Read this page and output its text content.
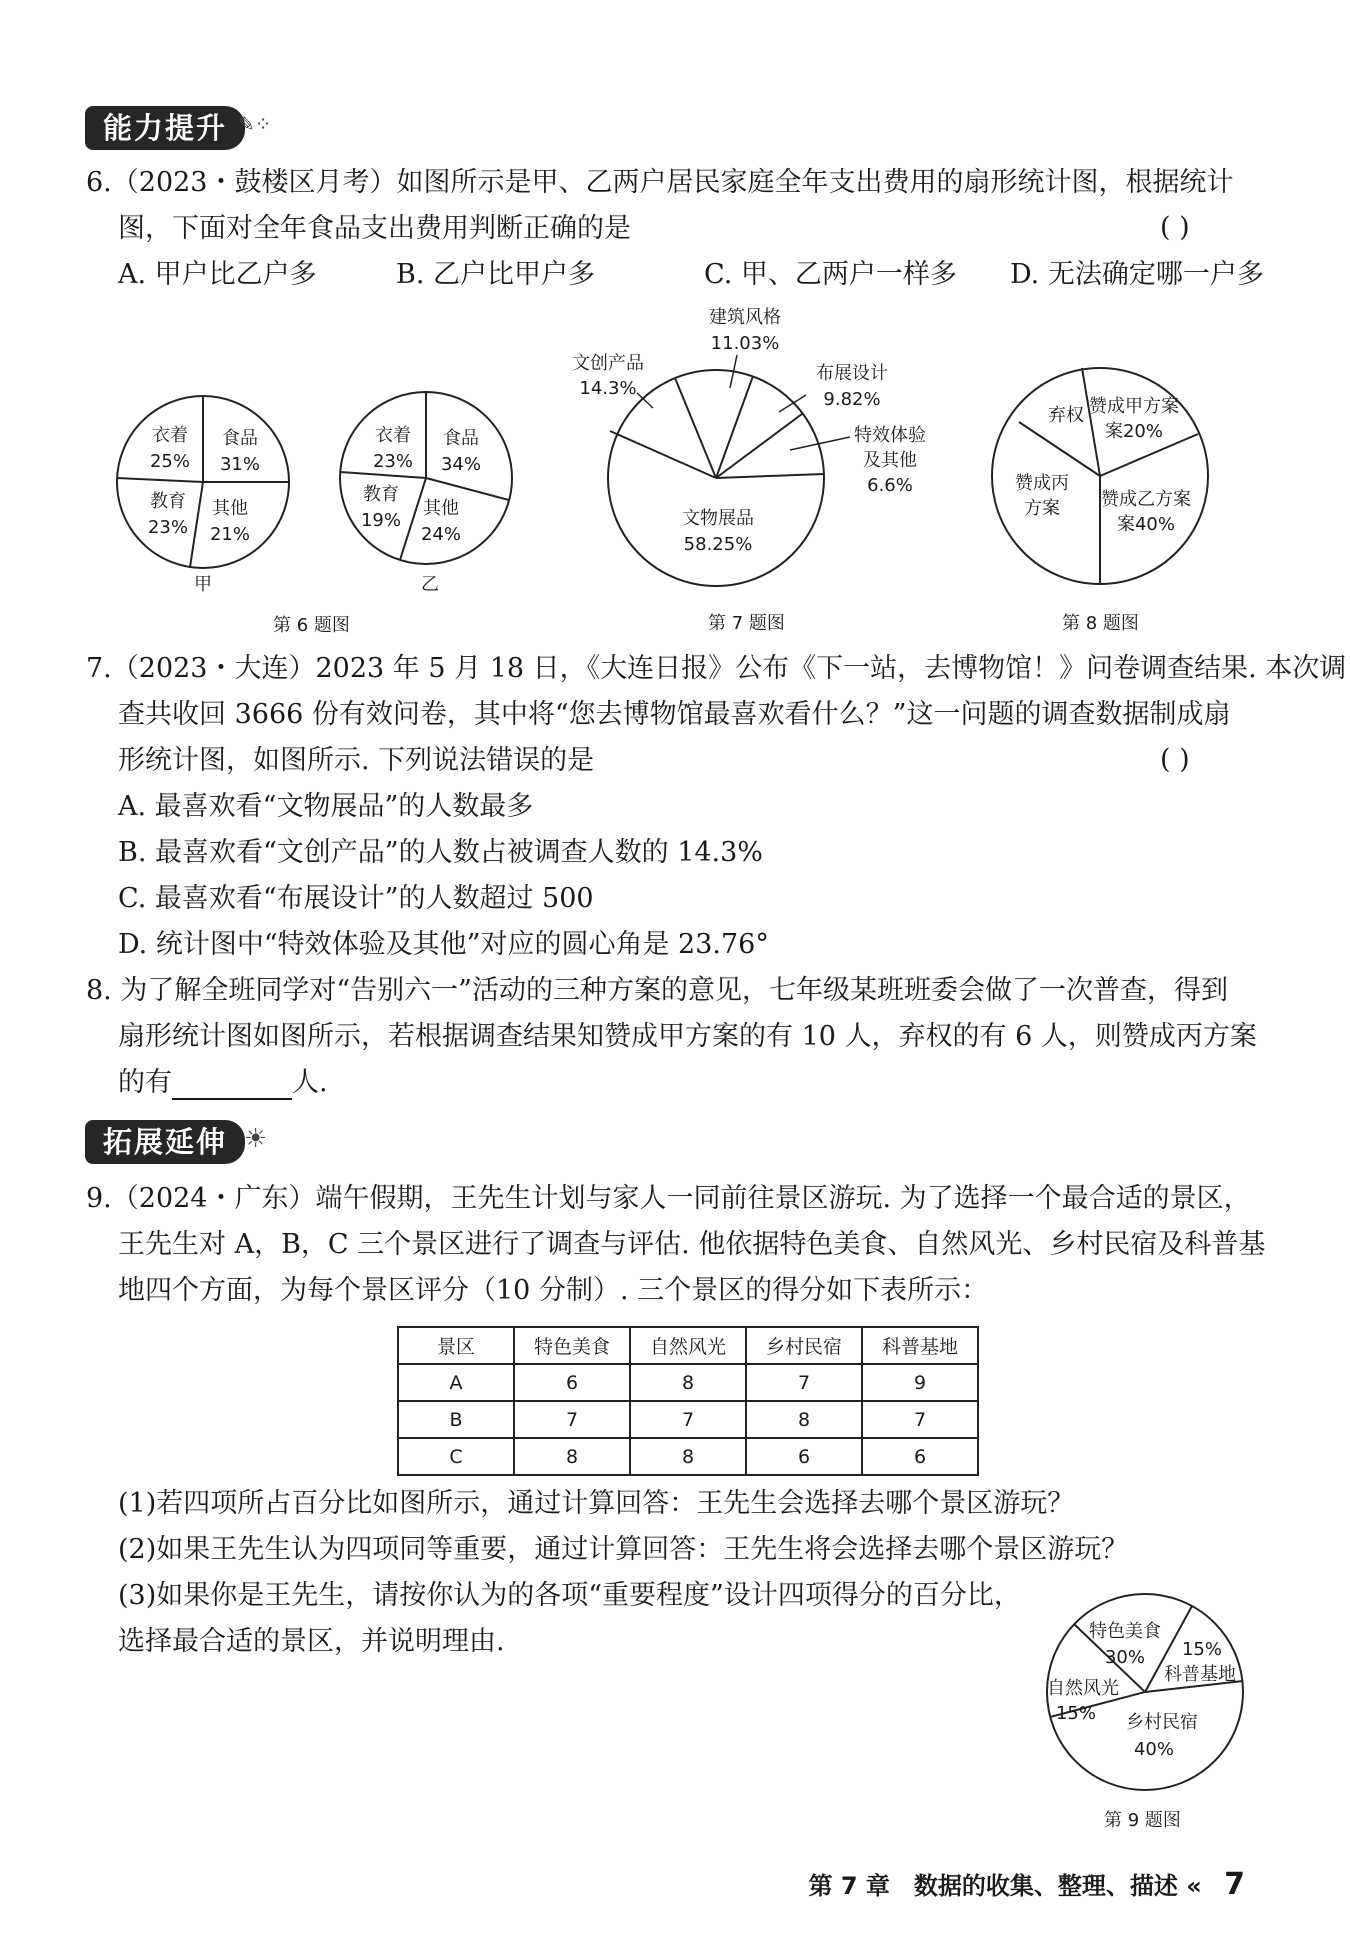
能力提升 ✎⁘
6.（2023・鼓楼区月考）如图所示是甲、乙两户居民家庭全年支出费用的扇形统计图，根据统计
图，下面对全年食品支出费用判断正确的是	( )
A. 甲户比乙户多	B. 乙户比甲户多	C. 甲、乙两户一样多 D. 无法确定哪一户多
衣着
25%
食品
31%
其他
21%
教育
23%
甲
衣着
23%
食品
34%
其他
24%
教育
19%
乙
文创产品
14.3%
建筑风格
11.03%
布展设计
9.82%
特效体验
及其他
6.6%
文物展品
58.25%
弃权 赞成甲方案
案20%
赞成乙方案
案40%
赞成丙
方案
第 6 题图	第 7 题图	第 8 题图
7.（2023・大连）2023 年 5 月 18 日，《大连日报》公布《下一站，去博物馆！》问卷调查结果. 本次调
查共收回 3666 份有效问卷，其中将“您去博物馆最喜欢看什么？”这一问题的调查数据制成扇
形统计图，如图所示. 下列说法错误的是	( )
A. 最喜欢看“文物展品”的人数最多
B. 最喜欢看“文创产品”的人数占被调查人数的 14.3%
C. 最喜欢看“布展设计”的人数超过 500
D. 统计图中“特效体验及其他”对应的圆心角是 23.76°
8. 为了解全班同学对“告别六一”活动的三种方案的意见，七年级某班班委会做了一次普查，得到
扇形统计图如图所示，若根据调查结果知赞成甲方案的有 10 人，弃权的有 6 人，则赞成丙方案
的有	人.
拓展延伸 ☀
9.（2024・广东）端午假期，王先生计划与家人一同前往景区游玩. 为了选择一个最合适的景区，
王先生对 A，B，C 三个景区进行了调查与评估. 他依据特色美食、自然风光、乡村民宿及科普基
地四个方面，为每个景区评分（10 分制）. 三个景区的得分如下表所示：
景区	特色美食	自然风光	乡村民宿	科普基地
A	6	8	7	9
B	7	7	8	7
C	8	8	6	6
(1)若四项所占百分比如图所示，通过计算回答：王先生会选择去哪个景区游玩？
(2)如果王先生认为四项同等重要，通过计算回答：王先生将会选择去哪个景区游玩？
(3)如果你是王先生，请按你认为的各项“重要程度”设计四项得分的百分比，
选择最合适的景区，并说明理由.	特色美食
30% 15%
科普基地
乡村民宿
40%
自然风光
15%
第 9 题图
第 7 章　数据的收集、整理、描述 « 7
